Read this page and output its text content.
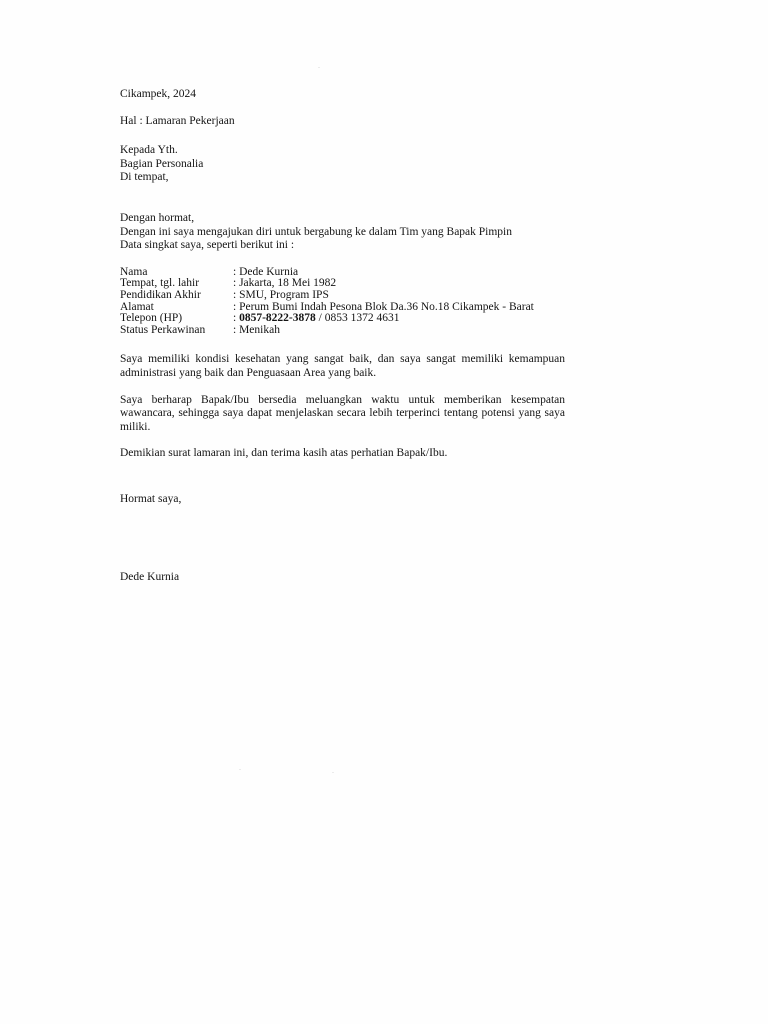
Cikampek, 2024
Hal : Lamaran Pekerjaan
Kepada Yth.
Bagian Personalia
Di tempat,
Dengan hormat,
Dengan ini saya mengajukan diri untuk bergabung ke dalam Tim yang Bapak Pimpin
Data singkat saya, seperti berikut ini :
Nama	: Dede Kurnia
Tempat, tgl. lahir	: Jakarta, 18 Mei 1982
Pendidikan Akhir	: SMU, Program IPS
Alamat	: Perum Bumi Indah Pesona Blok Da.36 No.18 Cikampek - Barat
Telepon (HP)	: 0857-8222-3878 / 0853 1372 4631
Status Perkawinan	: Menikah

Saya memiliki kondisi kesehatan yang sangat baik, dan saya sangat memiliki kemampuan administrasi yang baik dan Penguasaan Area yang baik.

Saya berharap Bapak/Ibu bersedia meluangkan waktu untuk memberikan kesempatan wawancara, sehingga saya dapat menjelaskan secara lebih terperinci tentang potensi yang saya miliki.

Demikian surat lamaran ini, dan terima kasih atas perhatian Bapak/Ibu.

Hormat saya,
Dede Kurnia
